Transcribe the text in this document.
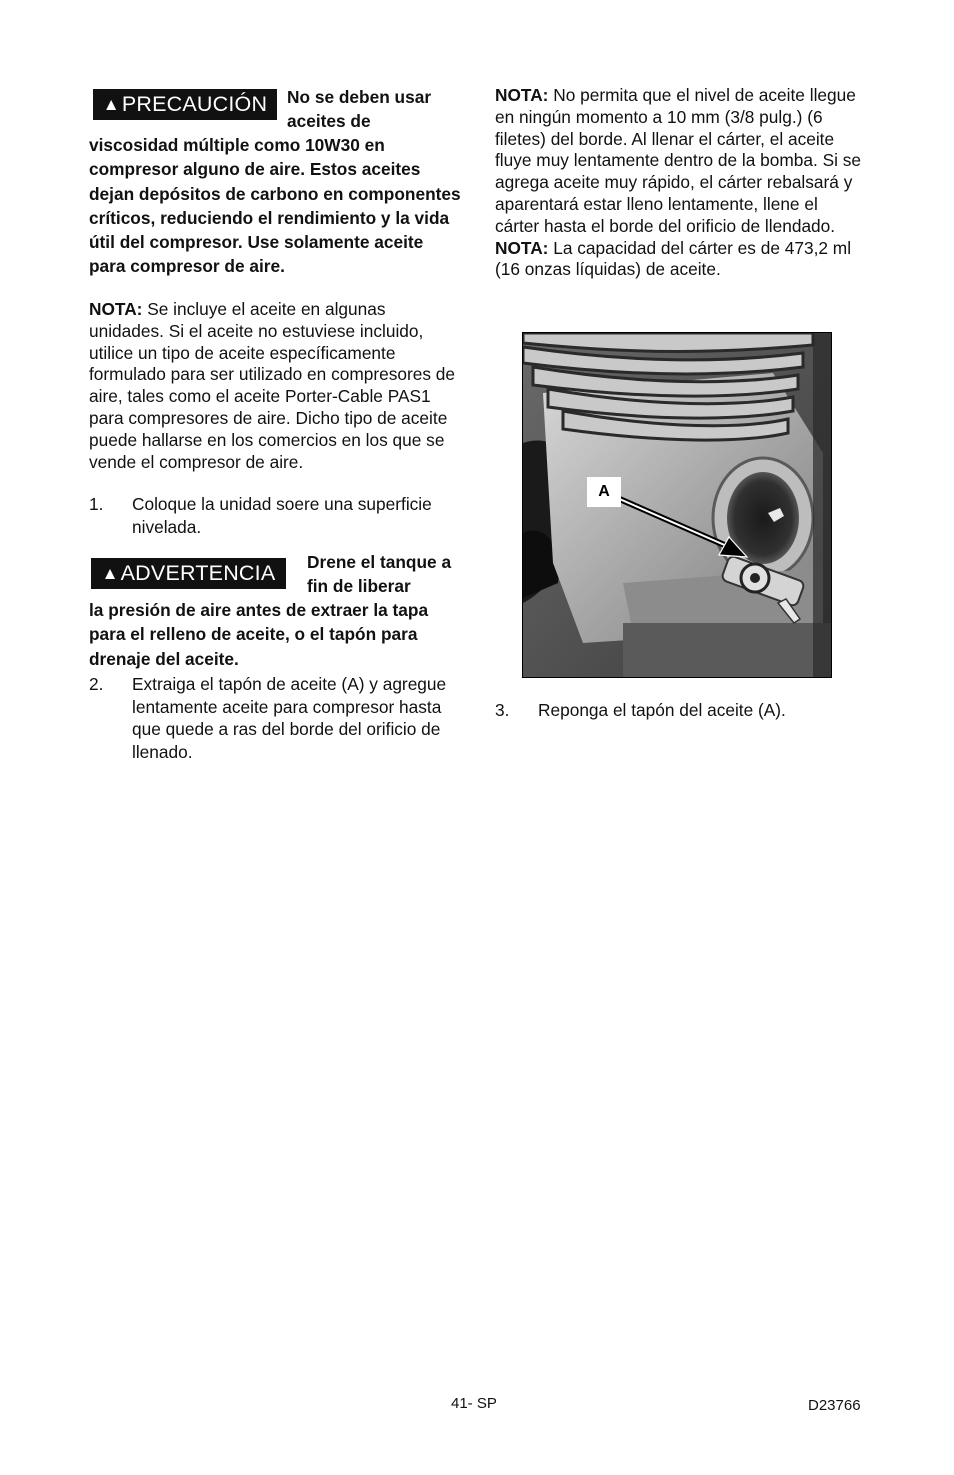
▲PRECAUCIÓN	No se deben usar aceites de
viscosidad múltiple como 10W30 en compresor alguno de aire. Estos aceites dejan depósitos de carbono en componentes críticos, reduciendo el rendimiento y la vida útil del compresor. Use solamente aceite para compresor de aire.
NOTA: Se incluye el aceite en algunas unidades. Si el aceite no estuviese incluido, utilice un tipo de aceite específicamente formulado para ser utilizado en compresores de aire, tales como el aceite Porter-Cable PAS1 para compresores de aire. Dicho tipo de aceite puede hallarse en los comercios en los que se vende el compresor de aire.
1. Coloque la unidad soere una superficie nivelada.
▲ADVERTENCIA	Drene el tanque a fin de liberar
la presión de aire antes de extraer la tapa para el relleno de aceite, o el tapón para drenaje del aceite.
2. Extraiga el tapón de aceite (A) y agregue lentamente aceite para compresor hasta que quede a ras del borde del orificio de llenado.
NOTA: No permita que el nivel de aceite llegue en ningún momento a 10 mm (3/8 pulg.) (6 filetes) del borde. Al llenar el cárter, el aceite fluye muy lentamente dentro de la bomba. Si se agrega aceite muy rápido, el cárter rebalsará y aparentará estar lleno lentamente, llene el cárter hasta el borde del orificio de llendado. NOTA: La capacidad del cárter es de 473,2 ml (16 onzas líquidas) de aceite.
A
3. Reponga el tapón del aceite (A).
41- SP	D23766
